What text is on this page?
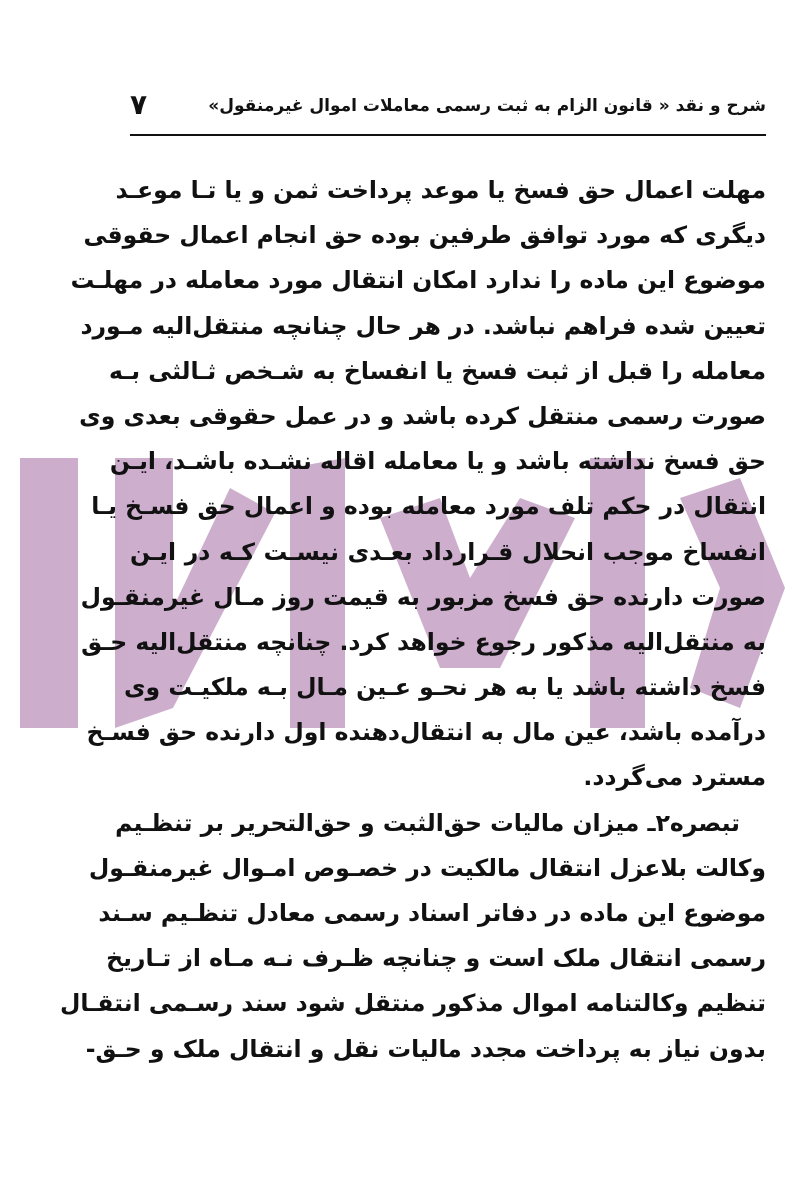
۷	شرح و نقد « قانون الزام به ثبت رسمی معاملات اموال غیرمنقول»
مهلت اعمال حق فسخ یا موعد پرداخت ثمن و یا تـا موعـد
دیگری که مورد توافق طرفین بوده حق انجام اعمال حقوقی
موضوع این ماده را ندارد امکان انتقال مورد معامله در مهلـت
تعیین شده فراهم نباشد. در هر حال چنانچه منتقل‌الیه مـورد
معامله را قبل از ثبت فسخ یا انفساخ به شـخص ثـالثی بـه
صورت رسمی منتقل کرده باشد و در عمل حقوقی بعدی وی
حق فسخ نداشته باشد و یا معامله اقاله نشـده باشـد، ایـن
انتقال در حکم تلف مورد معامله بوده و اعمال حق فسـخ یـا
انفساخ موجب انحلال قـرارداد بعـدی نیسـت کـه در ایـن
صورت دارنده حق فسخ مزبور به قیمت روز مـال غیرمنقـول
به منتقل‌الیه مذکور رجوع خواهد کرد. چنانچه منتقل‌الیه حـق
فسخ داشته باشد یا به هر نحـو عـین مـال بـه ملکیـت وی
درآمده باشد، عین مال به انتقال‌دهنده اول دارنده حق فسـخ
مسترد می‌گردد.
تبصره۲ـ میزان مالیات حق‌الثبت و حق‌التحریر بر تنظـیم
وکالت بلاعزل انتقال مالکیت در خصـوص امـوال غیرمنقـول
موضوع این ماده در دفاتر اسناد رسمی معادل تنظـیم سـند
رسمی انتقال ملک است و چنانچه ظـرف نـه مـاه از تـاریخ
تنظیم وکالتنامه اموال مذکور منتقل شود سند رسـمی انتقـال
بدون نیاز به پرداخت مجدد مالیات نقل و انتقال ملک و حـق-
